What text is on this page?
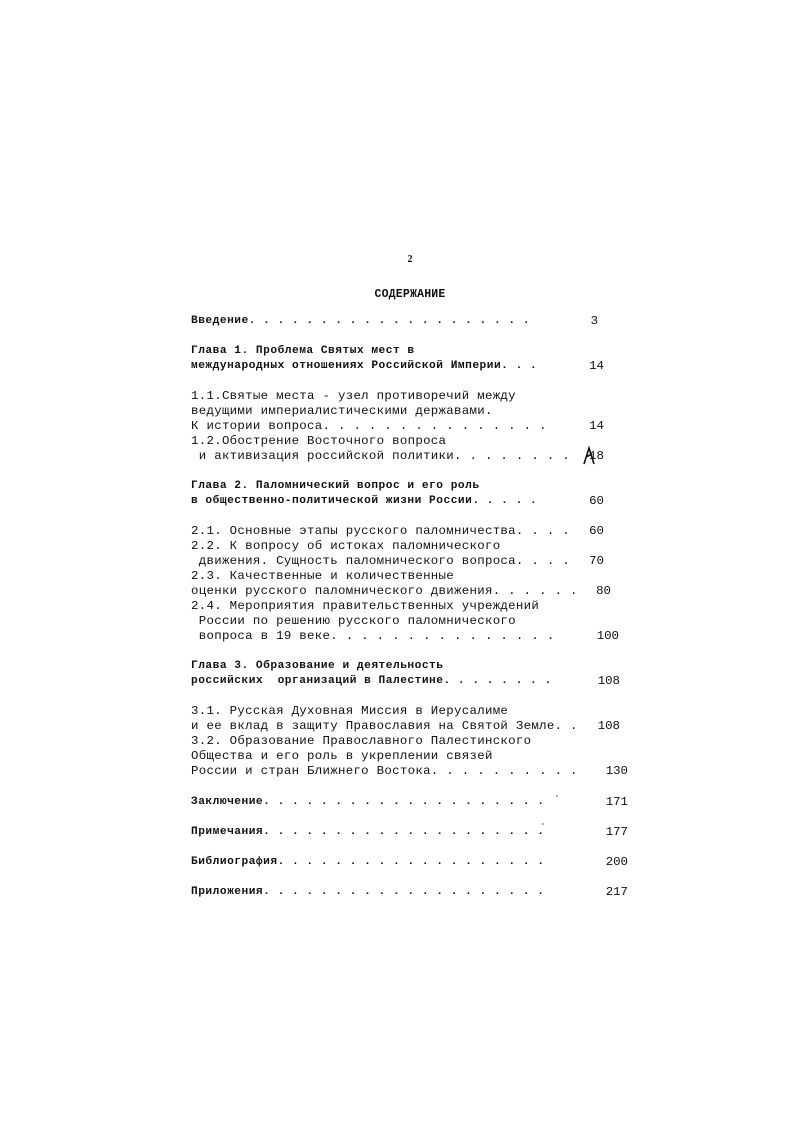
2
СОДЕРЖАНИЕ
Введение. . . . . . . . . . . . . . . . . . . .	3
Глава 1. Проблема Святых мест в
международных отношениях Российской Империи. . .	14
1.1.Святые места - узел противоречий между
ведущими империалистическими державами.
К истории вопроса. . . . . . . . . . . . . . .	14
1.2.Обострение Восточного вопроса
и активизация российской политики. . . . . . . .	18
Глава 2. Паломнический вопрос и его роль
в общественно-политической жизни России. . . . .	60
2.1. Основные этапы русского паломничества. . . .	60
2.2. К вопросу об истоках паломнического
движения. Сущность паломнического вопроса. . . .	70
2.3. Качественные и количественные
оценки русского паломнического движения. . . . . .	80
2.4. Мероприятия правительственных учреждений
России по решению русского паломнического
вопроса в 19 веке. . . . . . . . . . . . . . .	100
Глава 3. Образование и деятельность
российских  организаций в Палестине. . . . . . . .	108
3.1. Русская Духовная Миссия в Иерусалиме
и ее вклад в защиту Православия на Святой Земле. .	108
3.2. Образование Православного Палестинского
Общества и его роль в укреплении связей
России и стран Ближнего Востока. . . . . . . . . .	130
Заключение. . . . . . . . . . . . . . . . . . . .	171
Примечания. . . . . . . . . . . . . . . . . . . .	177
Библиография. . . . . . . . . . . . . . . . . . .	200
Приложения. . . . . . . . . . . . . . . . . . . .	217
